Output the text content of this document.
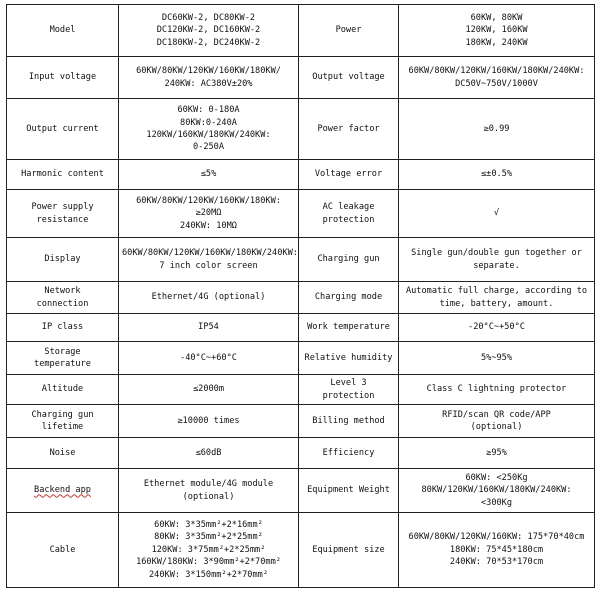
Model	DC60KW-2, DC80KW-2
DC120KW-2, DC160KW-2
DC180KW-2, DC240KW-2	Power	60KW, 80KW
120KW, 160KW
180KW, 240KW
Input voltage	60KW/80KW/120KW/160KW/180KW/
240KW: AC380V±20%	Output voltage	60KW/80KW/120KW/160KW/180KW/240KW:
DC50V~750V/1000V
Output current	60KW: 0-180A
80KW:0-240A
120KW/160KW/180KW/240KW:
0-250A	Power factor	≥0.99
Harmonic content	≤5%	Voltage error	≤±0.5%
Power supply
resistance	60KW/80KW/120KW/160KW/180KW:
≥20MΩ
240KW: 10MΩ	AC leakage
protection	√
Display	60KW/80KW/120KW/160KW/180KW/240KW:
7 inch color screen	Charging gun	Single gun/double gun together or
separate.
Network
connection	Ethernet/4G (optional)	Charging mode	Automatic full charge, according to
time, battery, amount.
IP class	IP54	Work temperature	-20°C~+50°C
Storage
temperature	-40°C~+60°C	Relative humidity	5%~95%
Altitude	≤2000m	Level 3 protection	Class C lightning protector
Charging gun
lifetime	≥10000 times	Billing method	RFID/scan QR code/APP
(optional)
Noise	≤60dB	Efficiency	≥95%
Backend app	Ethernet module/4G module
(optional)	Equipment Weight	60KW: <250Kg
80KW/120KW/160KW/180KW/240KW:
<300Kg
Cable	60KW: 3*35mm²+2*16mm²
80KW: 3*35mm²+2*25mm²
120KW: 3*75mm²+2*25mm²
160KW/180KW: 3*90mm²+2*70mm²
240KW: 3*150mm²+2*70mm²	Equipment size	60KW/80KW/120KW/160KW: 175*70*40cm
180KW: 75*45*180cm
240KW: 70*53*170cm
